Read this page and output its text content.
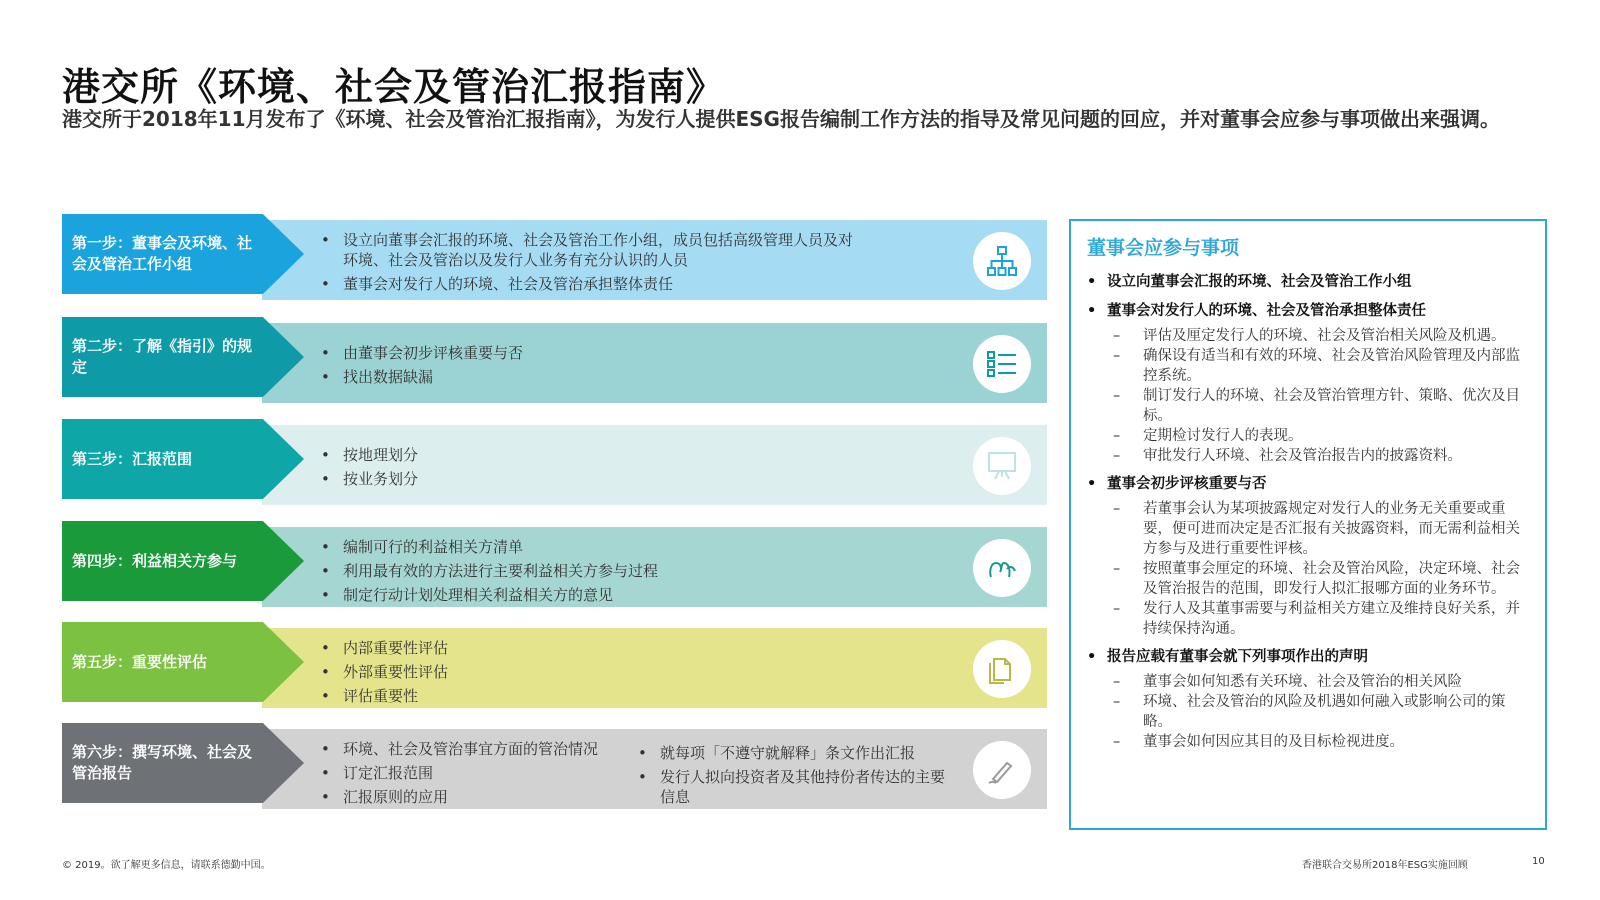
港交所《环境、社会及管治汇报指南》
港交所于2018年11月发布了《环境、社会及管治汇报指南》，为发行人提供ESG报告编制工作方法的指导及常见问题的回应，并对董事会应参与事项做出来强调。
第一步：董事会及环境、社会及管治工作小组
• 设立向董事会汇报的环境、社会及管治工作小组，成员包括高级管理人员及对环境、社会及管治以及发行人业务有充分认识的人员
• 董事会对发行人的环境、社会及管治承担整体责任
第二步：了解《指引》的规定
• 由董事会初步评核重要与否
• 找出数据缺漏
第三步：汇报范围
•	按地理划分
• 按业务划分
第四步：利益相关方参与
• 编制可行的利益相关方清单
• 利用最有效的方法进行主要利益相关方参与过程
• 制定行动计划处理相关利益相关方的意见
第五步：重要性评估
• 内部重要性评估
• 外部重要性评估
• 评估重要性
第六步：撰写环境、社会及管治报告
• 环境、社会及管治事宜方面的管治情况
• 订定汇报范围
• 汇报原则的应用
• 就每项「不遵守就解释」条文作出汇报
• 发行人拟向投资者及其他持份者传达的主要信息
董事会应参与事项
• 设立向董事会汇报的环境、社会及管治工作小组
• 董事会对发行人的环境、社会及管治承担整体责任
– 评估及厘定发行人的环境、社会及管治相关风险及机遇。
– 确保设有适当和有效的环境、社会及管治风险管理及内部监控系统。
– 制订发行人的环境、社会及管治管理方针、策略、优次及目标。
– 定期检讨发行人的表现。
– 审批发行人环境、社会及管治报告内的披露资料。
• 董事会初步评核重要与否
– 若董事会认为某项披露规定对发行人的业务无关重要或重要，便可进而决定是否汇报有关披露资料，而无需利益相关方参与及进行重要性评核。
– 按照董事会厘定的环境、社会及管治风险，决定环境、社会及管治报告的范围，即发行人拟汇报哪方面的业务环节。
– 发行人及其董事需要与利益相关方建立及维持良好关系，并持续保持沟通。
• 报告应载有董事会就下列事项作出的声明
– 董事会如何知悉有关环境、社会及管治的相关风险
– 环境、社会及管治的风险及机遇如何融入或影响公司的策略。
– 董事会如何因应其目的及目标检视进度。
© 2019。欲了解更多信息，请联系德勤中国。	香港联合交易所2018年ESG实施回顾	10
